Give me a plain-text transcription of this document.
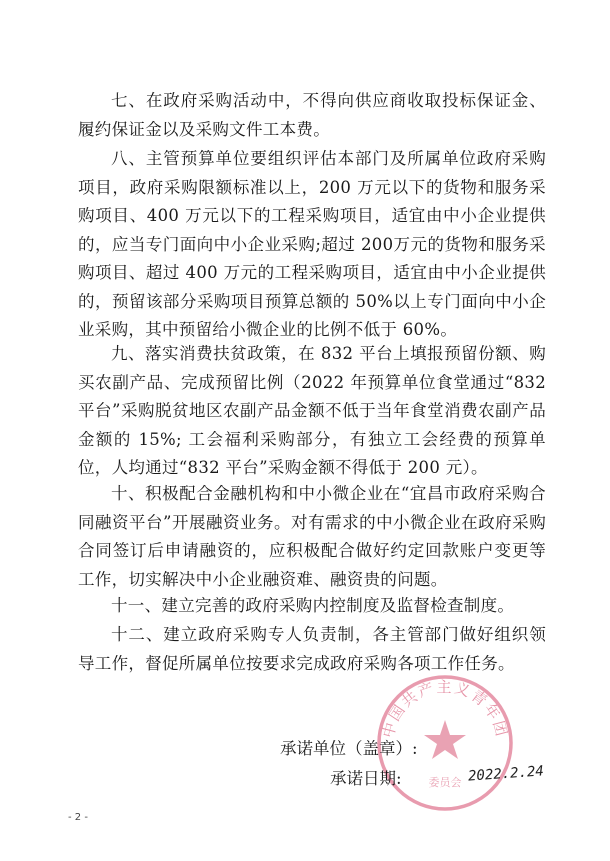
七、在政府采购活动中，不得向供应商收取投标保证金、履约保证金以及采购文件工本费。

八、主管预算单位要组织评估本部门及所属单位政府采购项目，政府采购限额标准以上，200 万元以下的货物和服务采购项目、400 万元以下的工程采购项目，适宜由中小企业提供的，应当专门面向中小企业采购;超过 200万元的货物和服务采购项目、超过 400 万元的工程采购项目，适宜由中小企业提供的，预留该部分采购项目预算总额的 50%以上专门面向中小企业采购，其中预留给小微企业的比例不低于 60%。

九、落实消费扶贫政策，在 832 平台上填报预留份额、购买农副产品、完成预留比例（2022 年预算单位食堂通过“832 平台”采购脱贫地区农副产品金额不低于当年食堂消费农副产品金额的 15%; 工会福利采购部分，有独立工会经费的预算单位，人均通过“832 平台”采购金额不得低于 200 元）。

十、积极配合金融机构和中小微企业在“宜昌市政府采购合同融资平台”开展融资业务。对有需求的中小微企业在政府采购合同签订后申请融资的，应积极配合做好约定回款账户变更等工作，切实解决中小企业融资难、融资贵的问题。

十一、建立完善的政府采购内控制度及监督检查制度。

十二、建立政府采购专人负责制，各主管部门做好组织领导工作，督促所属单位按要求完成政府采购各项工作任务。

中国共产主义青年团
委员会
承诺单位（盖章）:
承诺日期:	2022.2.24
- 2 -
